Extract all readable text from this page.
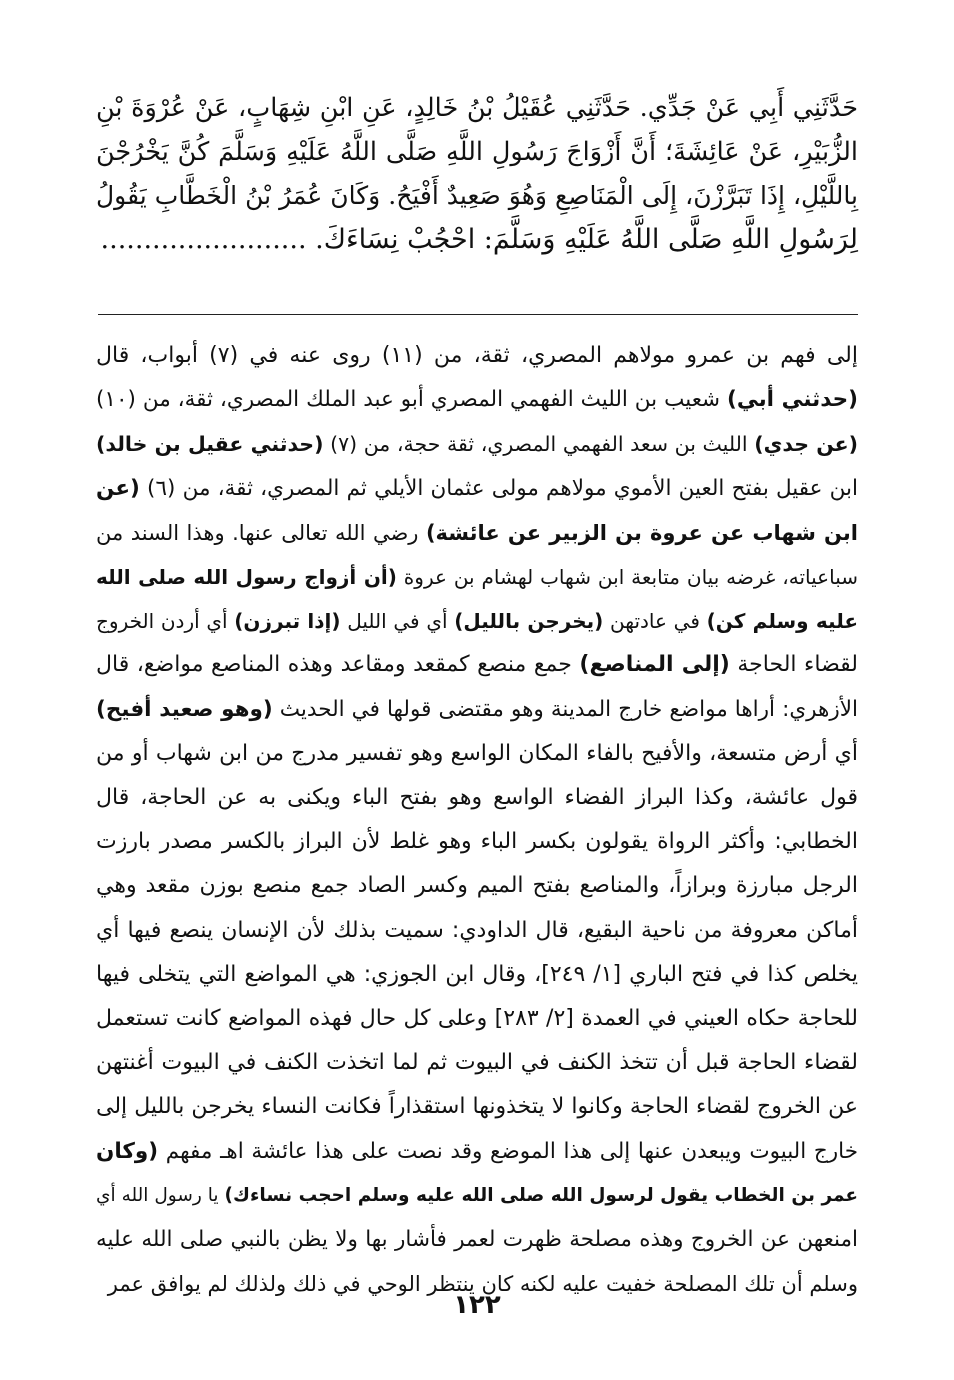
حَدَّثَنِي أَبِي عَنْ جَدِّي. حَدَّثَنِي عُقَيْلُ بْنُ خَالِدٍ، عَنِ ابْنِ شِهَابٍ، عَنْ عُرْوَةَ بْنِ
الزُّبَيْرِ، عَنْ عَائِشَةَ؛ أَنَّ أَزْوَاجَ رَسُولِ اللَّهِ صَلَّى اللَّهُ عَلَيْهِ وَسَلَّمَ كُنَّ يَخْرُجْنَ
بِاللَّيْلِ، إِذَا تَبَرَّزْنَ، إِلَى الْمَنَاصِعِ وَهُوَ صَعِيدٌ أَفْيَحُ. وَكَانَ عُمَرُ بْنُ الْخَطَّابِ يَقُولُ
لِرَسُولِ اللَّهِ صَلَّى اللَّهُ عَلَيْهِ وَسَلَّمَ: احْجُبْ نِسَاءَكَ. ........................
إلى فهم بن عمرو مولاهم المصري، ثقة، من (١١) روى عنه في (٧) أبواب، قال
(حدثني أبي) شعيب بن الليث الفهمي المصري أبو عبد الملك المصري، ثقة، من (١٠)
(عن جدي) الليث بن سعد الفهمي المصري، ثقة حجة، من (٧) (حدثني عقيل بن خالد)
ابن عقيل بفتح العين الأموي مولاهم مولى عثمان الأيلي ثم المصري، ثقة، من (٦) (عن
ابن شهاب عن عروة بن الزبير عن عائشة) رضي الله تعالى عنها. وهذا السند من
سباعياته، غرضه بيان متابعة ابن شهاب لهشام بن عروة (أن أزواج رسول الله صلى الله
عليه وسلم كن) في عادتهن (يخرجن بالليل) أي في الليل (إذا تبرزن) أي أردن الخروج
لقضاء الحاجة (إلى المناصع) جمع منصع كمقعد ومقاعد وهذه المناصع مواضع، قال
الأزهري: أراها مواضع خارج المدينة وهو مقتضى قولها في الحديث (وهو صعيد أفيح)
أي أرض متسعة، والأفيح بالفاء المكان الواسع وهو تفسير مدرج من ابن شهاب أو من
قول عائشة، وكذا البراز الفضاء الواسع وهو بفتح الباء ويكنى به عن الحاجة، قال
الخطابي: وأكثر الرواة يقولون بكسر الباء وهو غلط لأن البراز بالكسر مصدر بارزت
الرجل مبارزة وبرازاً، والمناصع بفتح الميم وكسر الصاد جمع منصع بوزن مقعد وهي
أماكن معروفة من ناحية البقيع، قال الداودي: سميت بذلك لأن الإنسان ينصع فيها أي
يخلص كذا في فتح الباري [١/ ٢٤٩]، وقال ابن الجوزي: هي المواضع التي يتخلى فيها
للحاجة حكاه العيني في العمدة [٢/ ٢٨٣] وعلى كل حال فهذه المواضع كانت تستعمل
لقضاء الحاجة قبل أن تتخذ الكنف في البيوت ثم لما اتخذت الكنف في البيوت أغنتهن
عن الخروج لقضاء الحاجة وكانوا لا يتخذونها استقذاراً فكانت النساء يخرجن بالليل إلى
خارج البيوت ويبعدن عنها إلى هذا الموضع وقد نصت على هذا عائشة اهـ مفهم (وكان
عمر بن الخطاب يقول لرسول الله صلى الله عليه وسلم احجب نساءك) يا رسول الله أي
امنعهن عن الخروج وهذه مصلحة ظهرت لعمر فأشار بها ولا يظن بالنبي صلى الله عليه
وسلم أن تلك المصلحة خفيت عليه لكنه كان ينتظر الوحي في ذلك ولذلك لم يوافق عمر
١٢٢
